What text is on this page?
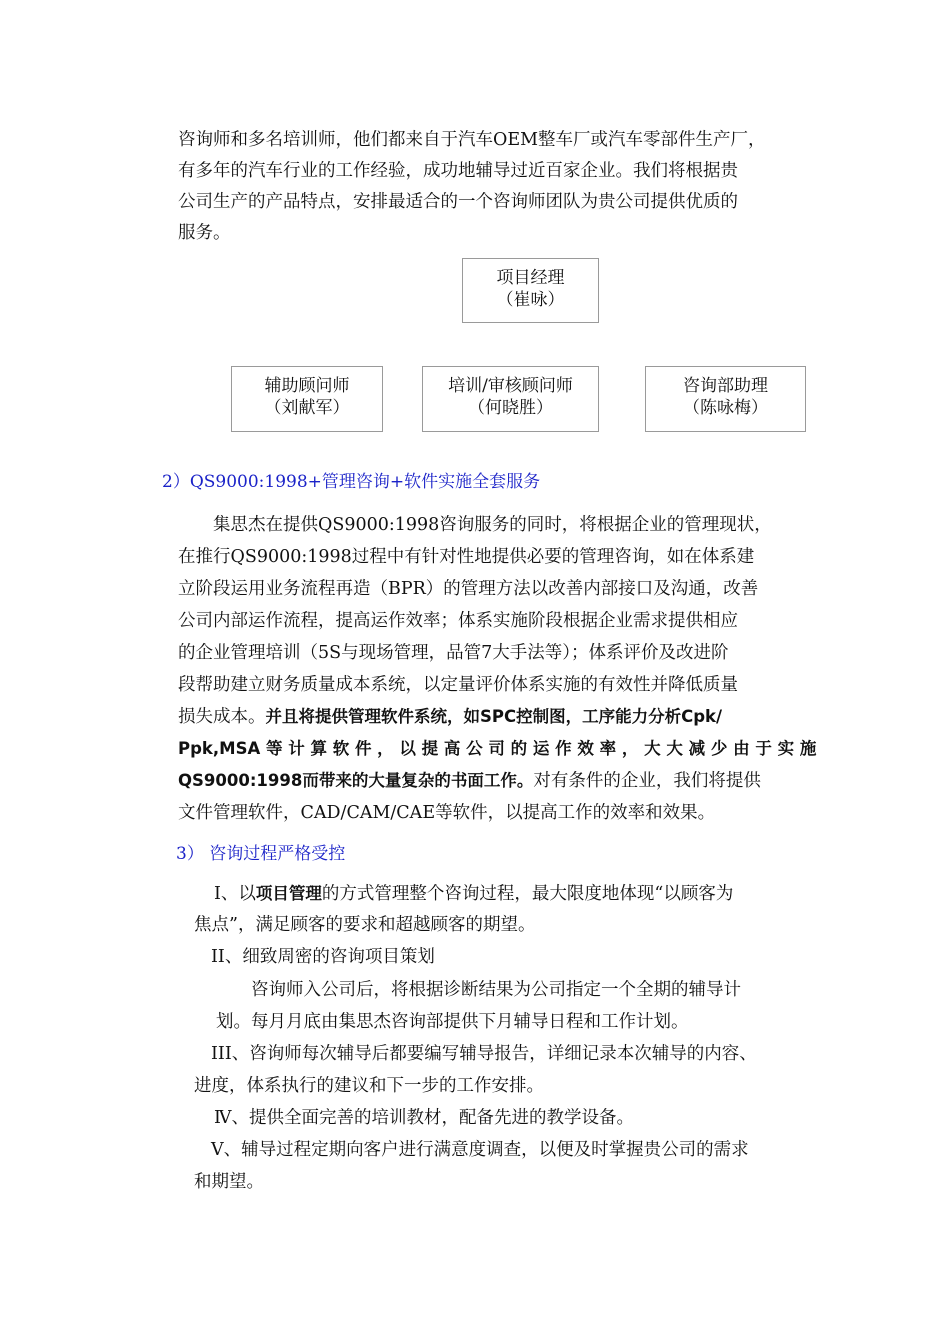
咨询师和多名培训师，他们都来自于汽车OEM整车厂或汽车零部件生产厂，
有多年的汽车行业的工作经验，成功地辅导过近百家企业。我们将根据贵
公司生产的产品特点，安排最适合的一个咨询师团队为贵公司提供优质的
服务。
项目经理
（崔咏）
辅助顾问师
（刘献军）
培训/审核顾问师
（何晓胜）
咨询部助理
（陈咏梅）
2）QS9000:1998+管理咨询+软件实施全套服务
　　集思杰在提供QS9000:1998咨询服务的同时，将根据企业的管理现状，
在推行QS9000:1998过程中有针对性地提供必要的管理咨询，如在体系建
立阶段运用业务流程再造（BPR）的管理方法以改善内部接口及沟通，改善
公司内部运作流程，提高运作效率；体系实施阶段根据企业需求提供相应
的企业管理培训（5S与现场管理，品管7大手法等）；体系评价及改进阶
段帮助建立财务质量成本系统，以定量评价体系实施的有效性并降低质量
损失成本。并且将提供管理软件系统，如SPC控制图，工序能力分析Cpk/
Ppk,MSA 等 计 算 软 件 ， 以 提 高 公 司 的 运 作 效 率 ， 大 大 减 少 由 于 实 施
QS9000:1998而带来的大量复杂的书面工作。对有条件的企业，我们将提供
文件管理软件，CAD/CAM/CAE等软件，以提高工作的效率和效果。
3） 咨询过程严格受控
Ⅰ、以项目管理的方式管理整个咨询过程，最大限度地体现“以顾客为
焦点”，满足顾客的要求和超越顾客的期望。
II、细致周密的咨询项目策划
咨询师入公司后，将根据诊断结果为公司指定一个全期的辅导计
划。每月月底由集思杰咨询部提供下月辅导日程和工作计划。
III、咨询师每次辅导后都要编写辅导报告，详细记录本次辅导的内容、
进度，体系执行的建议和下一步的工作安排。
Ⅳ、提供全面完善的培训教材，配备先进的教学设备。
V、辅导过程定期向客户进行满意度调查，以便及时掌握贵公司的需求
和期望。
